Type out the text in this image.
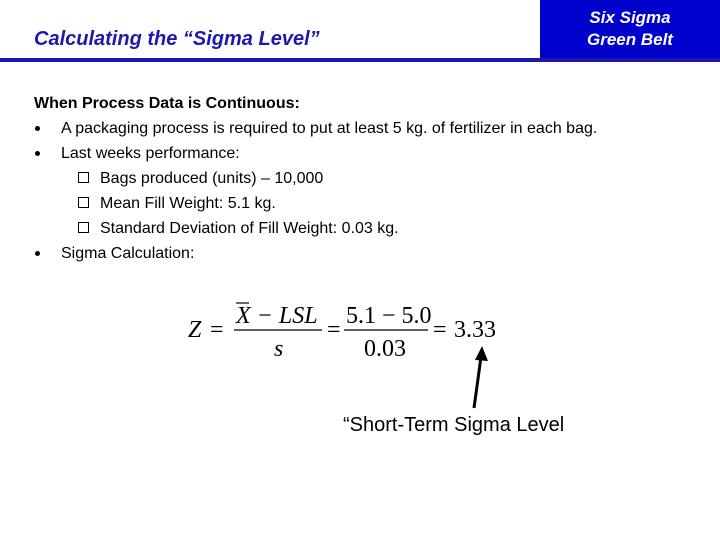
Calculating the “Sigma Level”
Six Sigma
Green Belt
When Process Data is Continuous:
A packaging process is required to put at least 5 kg. of fertilizer in each bag.
Last weeks performance:
Bags produced (units) – 10,000
Mean Fill Weight: 5.1 kg.
Standard Deviation of Fill Weight: 0.03 kg.
Sigma Calculation:
Z =
X − LSL
s
=
5.1 − 5.0
0.03
= 3.33
“Short-Term Sigma Level
